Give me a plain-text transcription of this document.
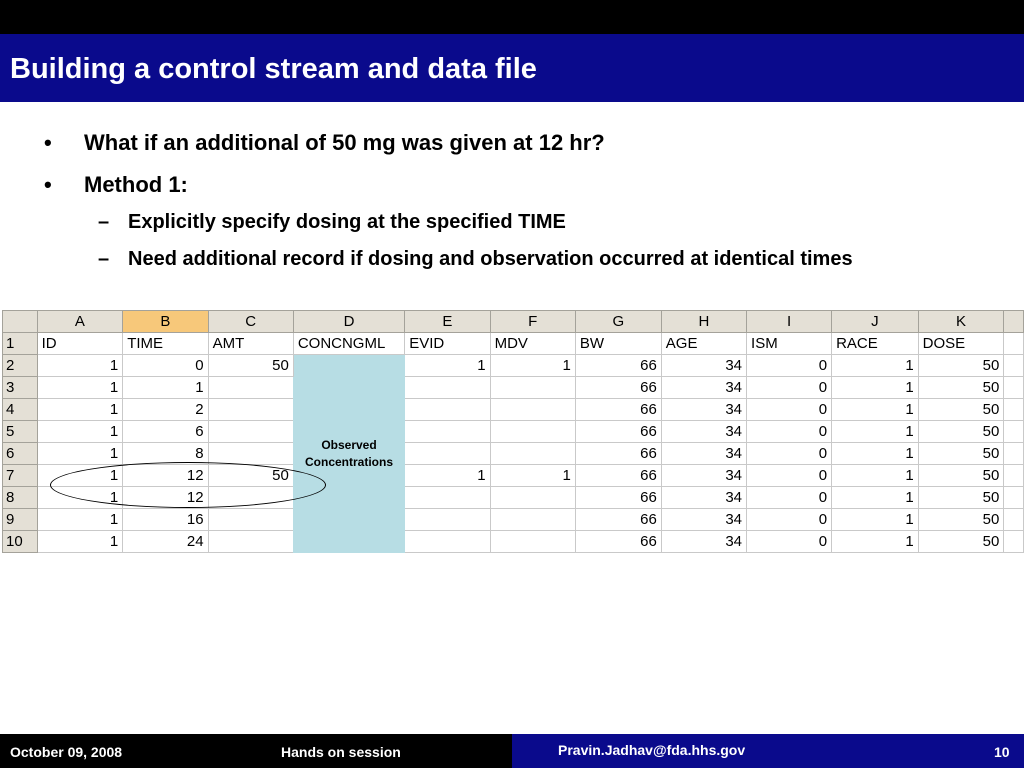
Building a control stream and data file
•	What if an additional of 50 mg was given at 12 hr?
•	Method 1:
– Explicitly specify dosing at the specified TIME
– Need additional record if dosing and observation occurred at identical times
	A	B	C	D	E	F	G	H	I	J	K	
1	ID	TIME	AMT	CONCNGML	EVID	MDV	BW	AGE	ISM	RACE	DOSE	
2	1	0	50	Observed Concentrations	1	1	66	34	0	1	50	
3	1	1					66	34	0	1	50	
4	1	2					66	34	0	1	50	
5	1	6					66	34	0	1	50	
6	1	8					66	34	0	1	50	
7	1	12	50		1	1	66	34	0	1	50	
8	1	12					66	34	0	1	50	
9	1	16					66	34	0	1	50	
10	1	24					66	34	0	1	50	
October 09, 2008	Hands on session	Pravin.Jadhav@fda.hhs.gov	10
